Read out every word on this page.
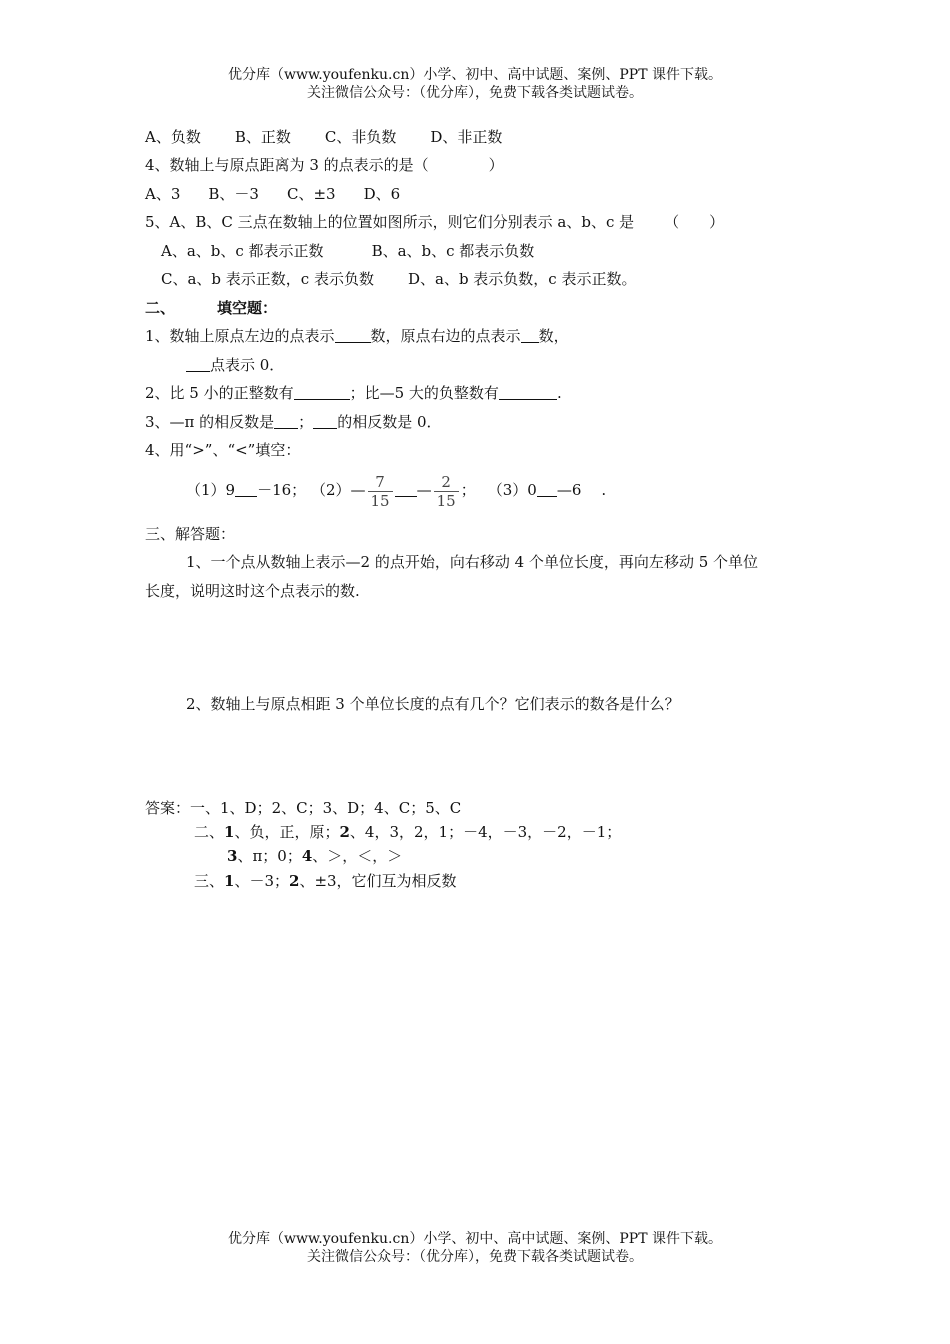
优分库（www.youfenku.cn）小学、初中、高中试题、案例、PPT 课件下载。
关注微信公众号：（优分库），免费下载各类试题试卷。
A、负数 B、正数 C、非负数 D、非正数
4、数轴上与原点距离为 3 的点表示的是（	）
A、3 B、－3 C、±3 D、6
5、A、B、C 三点在数轴上的位置如图所示，则它们分别表示 a、b、c 是 （　　）
A、a、b、c 都表示正数	B、a、b、c 都表示负数
C、a、b 表示正数，c 表示负数 D、a、b 表示负数，c 表示正数。
二、	填空题：
1、数轴上原点左边的点表示 数，原点右边的点表示 数，
点表示 0．
2、比 5 小的正整数有	；比—5 大的负整数有	.
3、—π 的相反数是 ； 的相反数是 0．
4、用“>”、“<”填空：
（1）9 －16； （2）— $\frac{7}{15}$ — $\frac{2}{15}$ ； （3）0 —6 .
三、解答题：
1、一个点从数轴上表示—2 的点开始，向右移动 4 个单位长度，再向左移动 5 个单位
长度，说明这时这个点表示的数.
2、数轴上与原点相距 3 个单位长度的点有几个？它们表示的数各是什么？
答案：一、1、D；2、C；3、D；4、C；5、C
二、1、负，正，原；2、4，3，2，1；－4，－3，－2，－1；
3、π；0；4、＞，＜，＞
三、1、－3；2、±3，它们互为相反数
优分库（www.youfenku.cn）小学、初中、高中试题、案例、PPT 课件下载。
关注微信公众号：（优分库），免费下载各类试题试卷。
